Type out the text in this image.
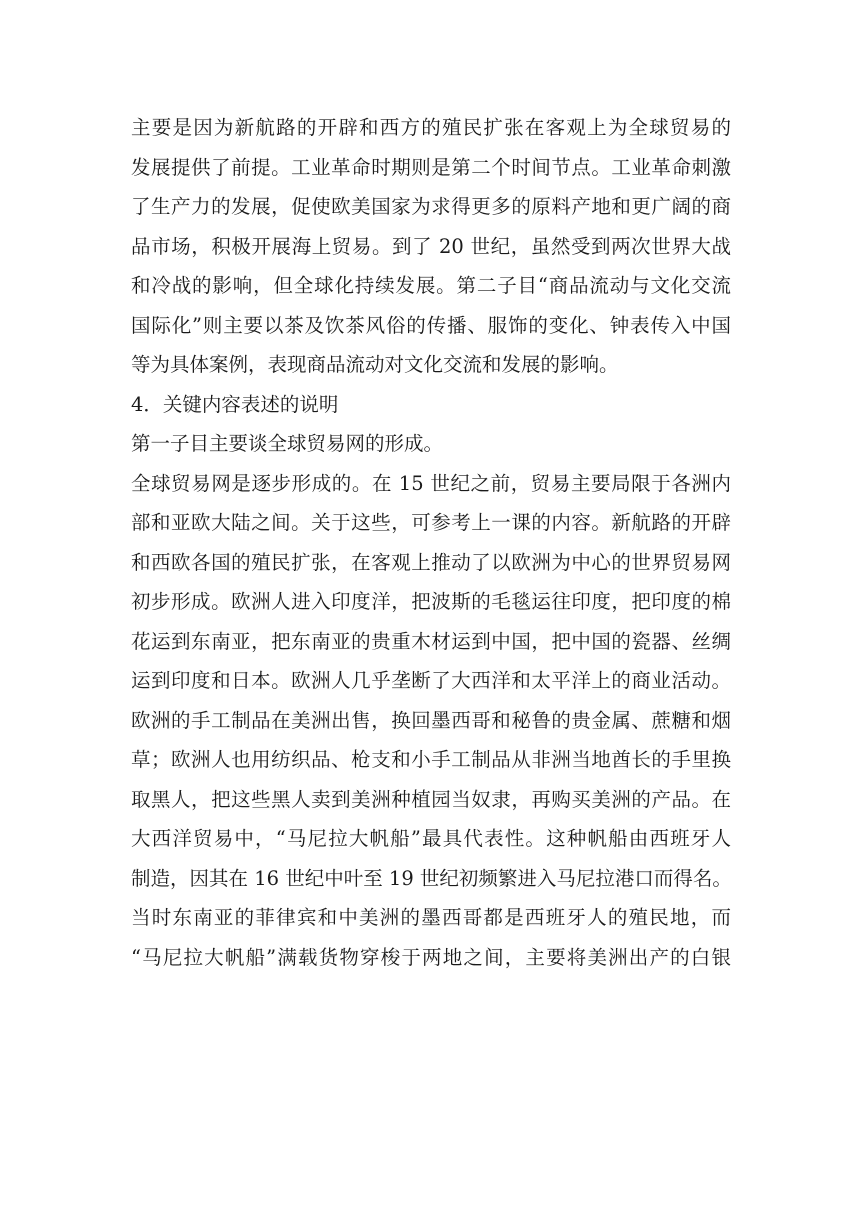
主要是因为新航路的开辟和西方的殖民扩张在客观上为全球贸易的
发展提供了前提。工业革命时期则是第二个时间节点。工业革命刺激
了生产力的发展，促使欧美国家为求得更多的原料产地和更广阔的商
品市场，积极开展海上贸易。到了 20 世纪，虽然受到两次世界大战
和冷战的影响，但全球化持续发展。第二子目“商品流动与文化交流
国际化”则主要以茶及饮茶风俗的传播、服饰的变化、钟表传入中国
等为具体案例，表现商品流动对文化交流和发展的影响。
4．关键内容表述的说明
第一子目主要谈全球贸易网的形成。
全球贸易网是逐步形成的。在 15 世纪之前，贸易主要局限于各洲内
部和亚欧大陆之间。关于这些，可参考上一课的内容。新航路的开辟
和西欧各国的殖民扩张，在客观上推动了以欧洲为中心的世界贸易网
初步形成。欧洲人进入印度洋，把波斯的毛毯运往印度，把印度的棉
花运到东南亚，把东南亚的贵重木材运到中国，把中国的瓷器、丝绸
运到印度和日本。欧洲人几乎垄断了大西洋和太平洋上的商业活动。
欧洲的手工制品在美洲出售，换回墨西哥和秘鲁的贵金属、蔗糖和烟
草；欧洲人也用纺织品、枪支和小手工制品从非洲当地酋长的手里换
取黑人，把这些黑人卖到美洲种植园当奴隶，再购买美洲的产品。在
大西洋贸易中，“马尼拉大帆船”最具代表性。这种帆船由西班牙人
制造，因其在 16 世纪中叶至 19 世纪初频繁进入马尼拉港口而得名。
当时东南亚的菲律宾和中美洲的墨西哥都是西班牙人的殖民地，而
“马尼拉大帆船”满载货物穿梭于两地之间，主要将美洲出产的白银
